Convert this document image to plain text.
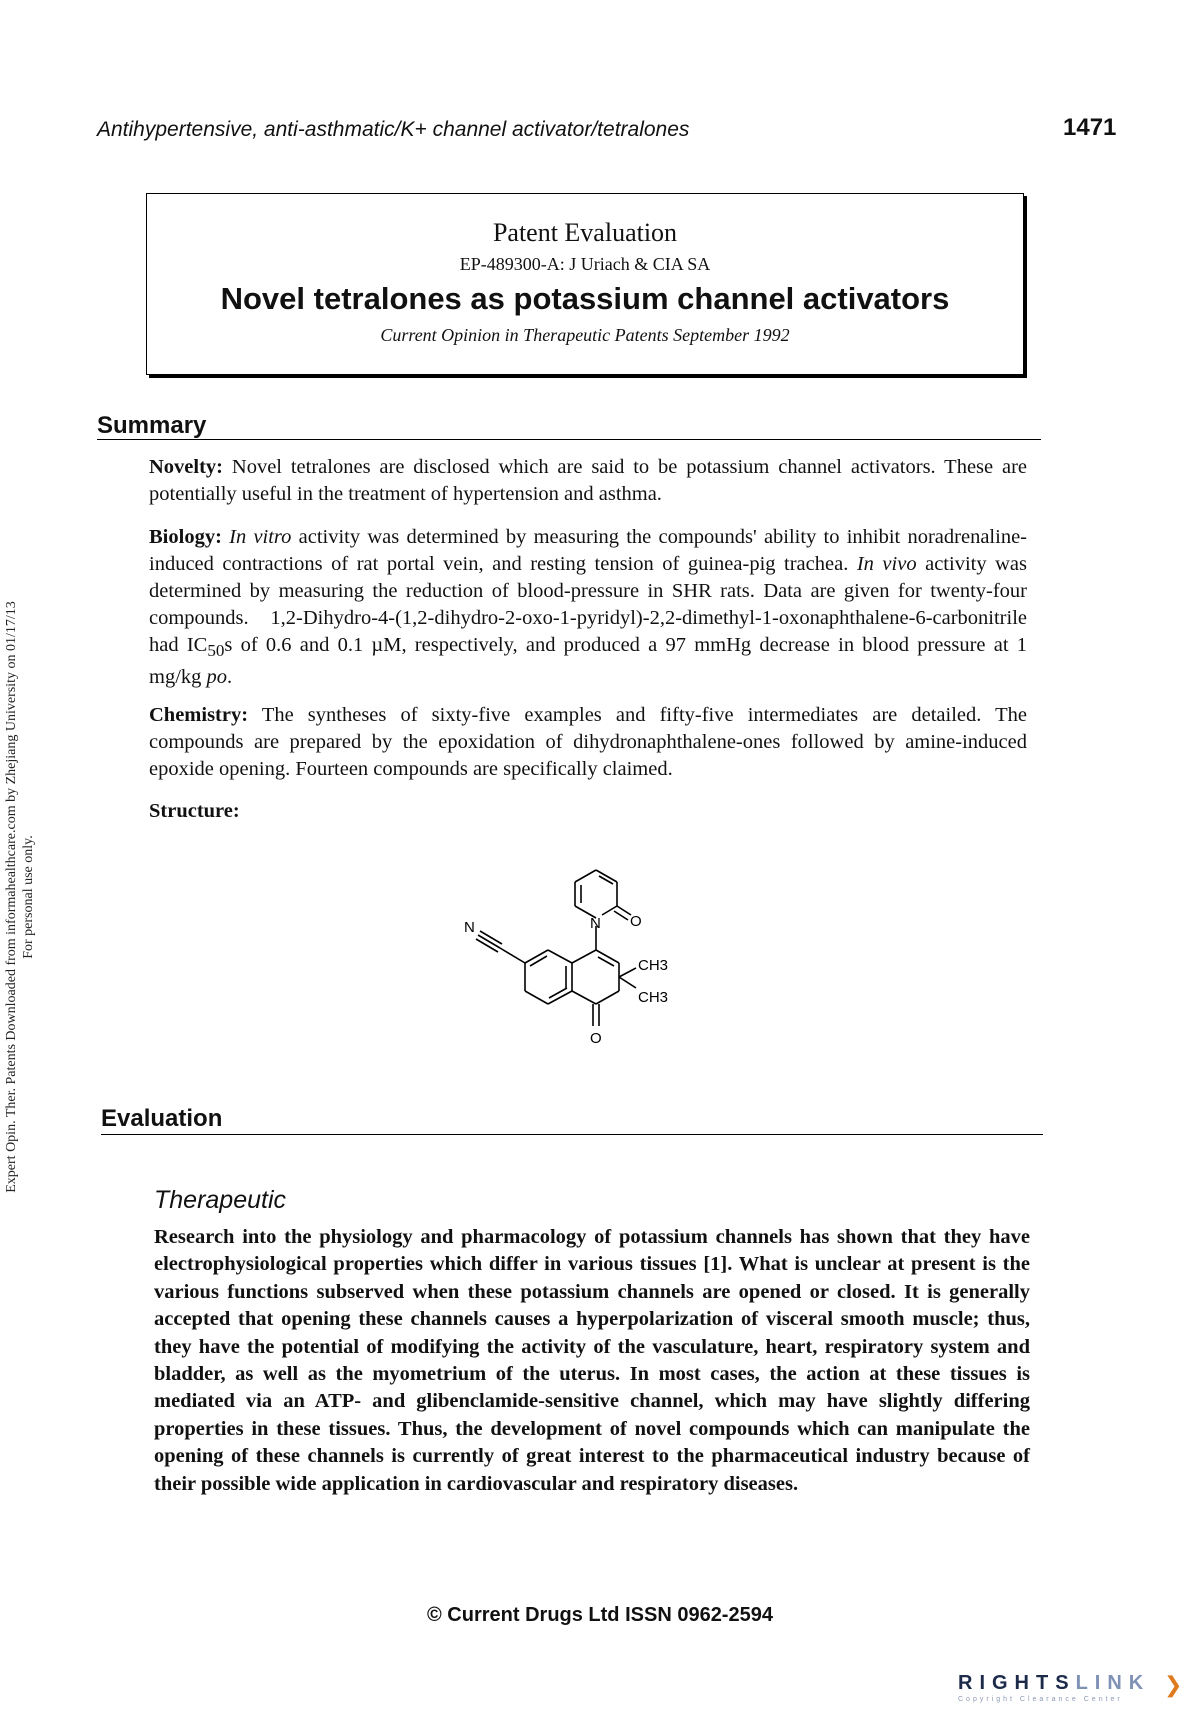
Antihypertensive, anti-asthmatic/K+ channel activator/tetralones	1471
Expert Opin. Ther. Patents Downloaded from informahealthcare.com by Zhejiang University on 01/17/13 For personal use only.
Patent Evaluation
EP-489300-A: J Uriach & CIA SA
Novel tetralones as potassium channel activators
Current Opinion in Therapeutic Patents September 1992
Summary
Novelty: Novel tetralones are disclosed which are said to be potassium channel activators. These are potentially useful in the treatment of hypertension and asthma.
Biology: In vitro activity was determined by measuring the compounds' ability to inhibit noradrenaline-induced contractions of rat portal vein, and resting tension of guinea-pig trachea. In vivo activity was determined by measuring the reduction of blood-pressure in SHR rats. Data are given for twenty-four compounds. 1,2-Dihydro-4-(1,2-dihydro-2-oxo-1-pyridyl)-2,2-dimethyl-1-oxonaphthalene-6-carbonitrile had $IC_{50}s$ of 0.6 and 0.1 µM, respectively, and produced a 97 mmHg decrease in blood pressure at 1 mg/kg po.
Chemistry: The syntheses of sixty-five examples and fifty-five intermediates are detailed. The compounds are prepared by the epoxidation of dihydronaphthalene-ones followed by amine-induced epoxide opening. Fourteen compounds are specifically claimed.
Structure:
N O
N
O
CH3
CH3
Evaluation
Therapeutic
Research into the physiology and pharmacology of potassium channels has shown that they have electrophysiological properties which differ in various tissues [1]. What is unclear at present is the various functions subserved when these potassium channels are opened or closed. It is generally accepted that opening these channels causes a hyperpolarization of visceral smooth muscle; thus, they have the potential of modifying the activity of the vasculature, heart, respiratory system and bladder, as well as the myometrium of the uterus. In most cases, the action at these tissues is mediated via an ATP- and glibenclamide-sensitive channel, which may have slightly differing properties in these tissues. Thus, the development of novel compounds which can manipulate the opening of these channels is currently of great interest to the pharmaceutical industry because of their possible wide application in cardiovascular and respiratory diseases.
© Current Drugs Ltd ISSN 0962-2594
RIGHTSLINK
Copyright Clearance Center
❯
